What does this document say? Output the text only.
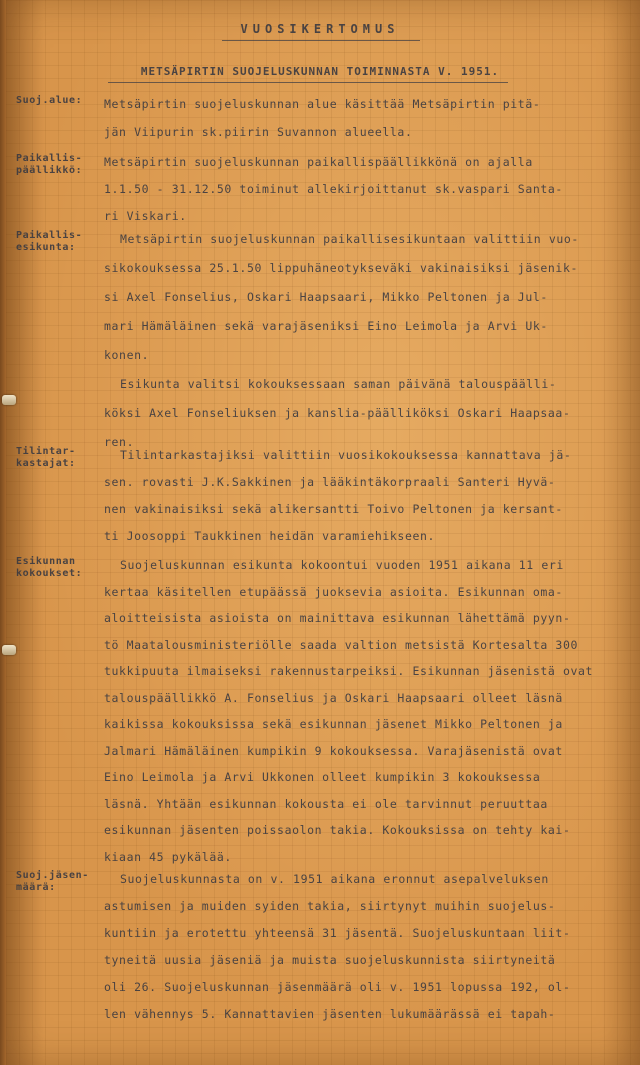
VUOSIKERTOMUS
METSÄPIRTIN SUOJELUSKUNNAN TOIMINNASTA V. 1951.
Suoj.alue:	Metsäpirtin suojeluskunnan alue käsittää Metsäpirtin pitä-
jän Viipurin sk.piirin Suvannon alueella.
Paikallis-päällikkö:
Metsäpirtin suojeluskunnan paikallispäällikkönä on ajalla
1.1.50 - 31.12.50 toiminut allekirjoittanut sk.vaspari Santa-
ri Viskari.
Paikallis-esikunta:
Metsäpirtin suojeluskunnan paikallisesikuntaan valittiin vuo-
sikokouksessa 25.1.50 lippuhäneotykseväki vakinaisiksi jäsenik-
si Axel Fonselius, Oskari Haapsaari, Mikko Peltonen ja Jul-
mari Hämäläinen sekä varajäseniksi Eino Leimola ja Arvi Uk-
konen.
Esikunta valitsi kokouksessaan saman päivänä talouspäälli-
köksi Axel Fonseliuksen ja kanslia-päälliköksi Oskari Haapsaa-
ren.
Tilintar-kastajat:
Tilintarkastajiksi valittiin vuosikokouksessa kannattava jä-
sen. rovasti J.K.Sakkinen ja lääkintäkorpraali Santeri Hyvä-
nen vakinaisiksi sekä alikersantti Toivo Peltonen ja kersant-
ti Joosoppi Taukkinen heidän varamiehikseen.
Esikunnan kokoukset:
Suojeluskunnan esikunta kokoontui vuoden 1951 aikana 11 eri
kertaa käsitellen etupäässä juoksevia asioita. Esikunnan oma-
aloitteisista asioista on mainittava esikunnan lähettämä pyyn-
tö Maatalousministeriölle saada valtion metsistä Kortesalta 300
tukkipuuta ilmaiseksi rakennustarpeiksi. Esikunnan jäsenistä ovat
talouspäällikkö A. Fonselius ja Oskari Haapsaari olleet läsnä
kaikissa kokouksissa sekä esikunnan jäsenet Mikko Peltonen ja
Jalmari Hämäläinen kumpikin 9 kokouksessa. Varajäsenistä ovat
Eino Leimola ja Arvi Ukkonen olleet kumpikin 3 kokouksessa
läsnä. Yhtään esikunnan kokousta ei ole tarvinnut peruuttaa
esikunnan jäsenten poissaolon takia. Kokouksissa on tehty kai-
kiaan 45 pykälää.
Suoj.jäsen-määrä:
Suojeluskunnasta on v. 1951 aikana eronnut asepalveluksen
astumisen ja muiden syiden takia, siirtynyt muihin suojelus-
kuntiin ja erotettu yhteensä 31 jäsentä. Suojeluskuntaan liit-
tyneitä uusia jäseniä ja muista suojeluskunnista siirtyneitä
oli 26. Suojeluskunnan jäsenmäärä oli v. 1951 lopussa 192, ol-
len vähennys 5. Kannattavien jäsenten lukumäärässä ei tapah-
